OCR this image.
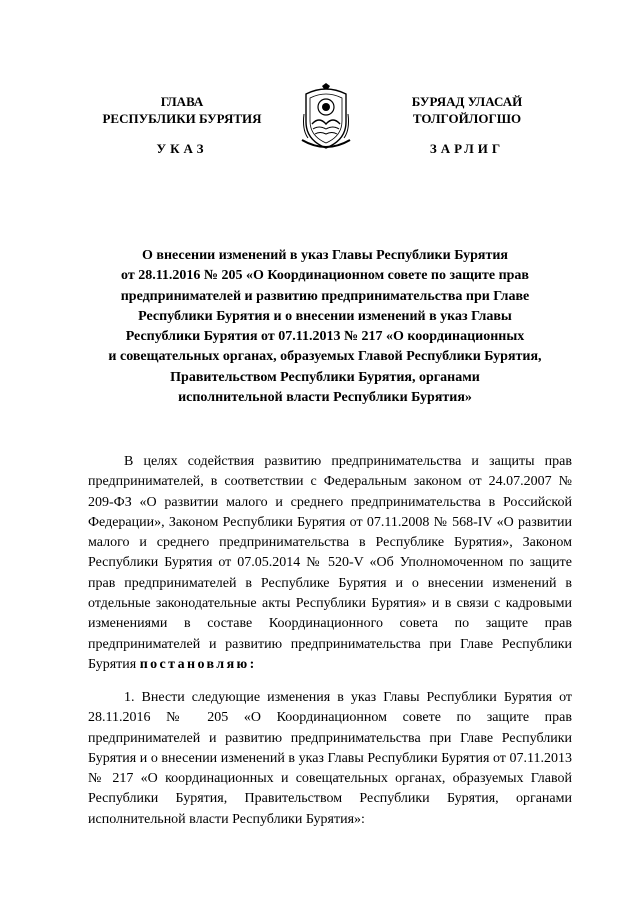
ГЛАВА
РЕСПУБЛИКИ БУРЯТИЯ
БУРЯАД УЛАСАЙ
ТОЛГОЙЛОГШО
УКАЗ	ЗАРЛИГ
О внесении изменений в указ Главы Республики Бурятия
от 28.11.2016 № 205 «О Координационном совете по защите прав
предпринимателей и развитию предпринимательства при Главе
Республики Бурятия и о внесении изменений в указ Главы
Республики Бурятия от 07.11.2013 № 217 «О координационных
и совещательных органах, образуемых Главой Республики Бурятия,
Правительством Республики Бурятия, органами
исполнительной власти Республики Бурятия»
В целях содействия развитию предпринимательства и защиты прав предпринимателей, в соответствии с Федеральным законом от 24.07.2007 № 209-ФЗ «О развитии малого и среднего предпринимательства в Российской Федерации», Законом Республики Бурятия от 07.11.2008 № 568-IV «О развитии малого и среднего предпринимательства в Республике Бурятия», Законом Республики Бурятия от 07.05.2014 № 520-V «Об Уполномоченном по защите прав предпринимателей в Республике Бурятия и о внесении изменений в отдельные законодательные акты Республики Бурятия» и в связи с кадровыми изменениями в составе Координационного совета по защите прав предпринимателей и развитию предпринимательства при Главе Республики Бурятия постановляю:
1. Внести следующие изменения в указ Главы Республики Бурятия от 28.11.2016 № 205 «О Координационном совете по защите прав предпринимателей и развитию предпринимательства при Главе Республики Бурятия и о внесении изменений в указ Главы Республики Бурятия от 07.11.2013 № 217 «О координационных и совещательных органах, образуемых Главой Республики Бурятия, Правительством Республики Бурятия, органами исполнительной власти Республики Бурятия»:
